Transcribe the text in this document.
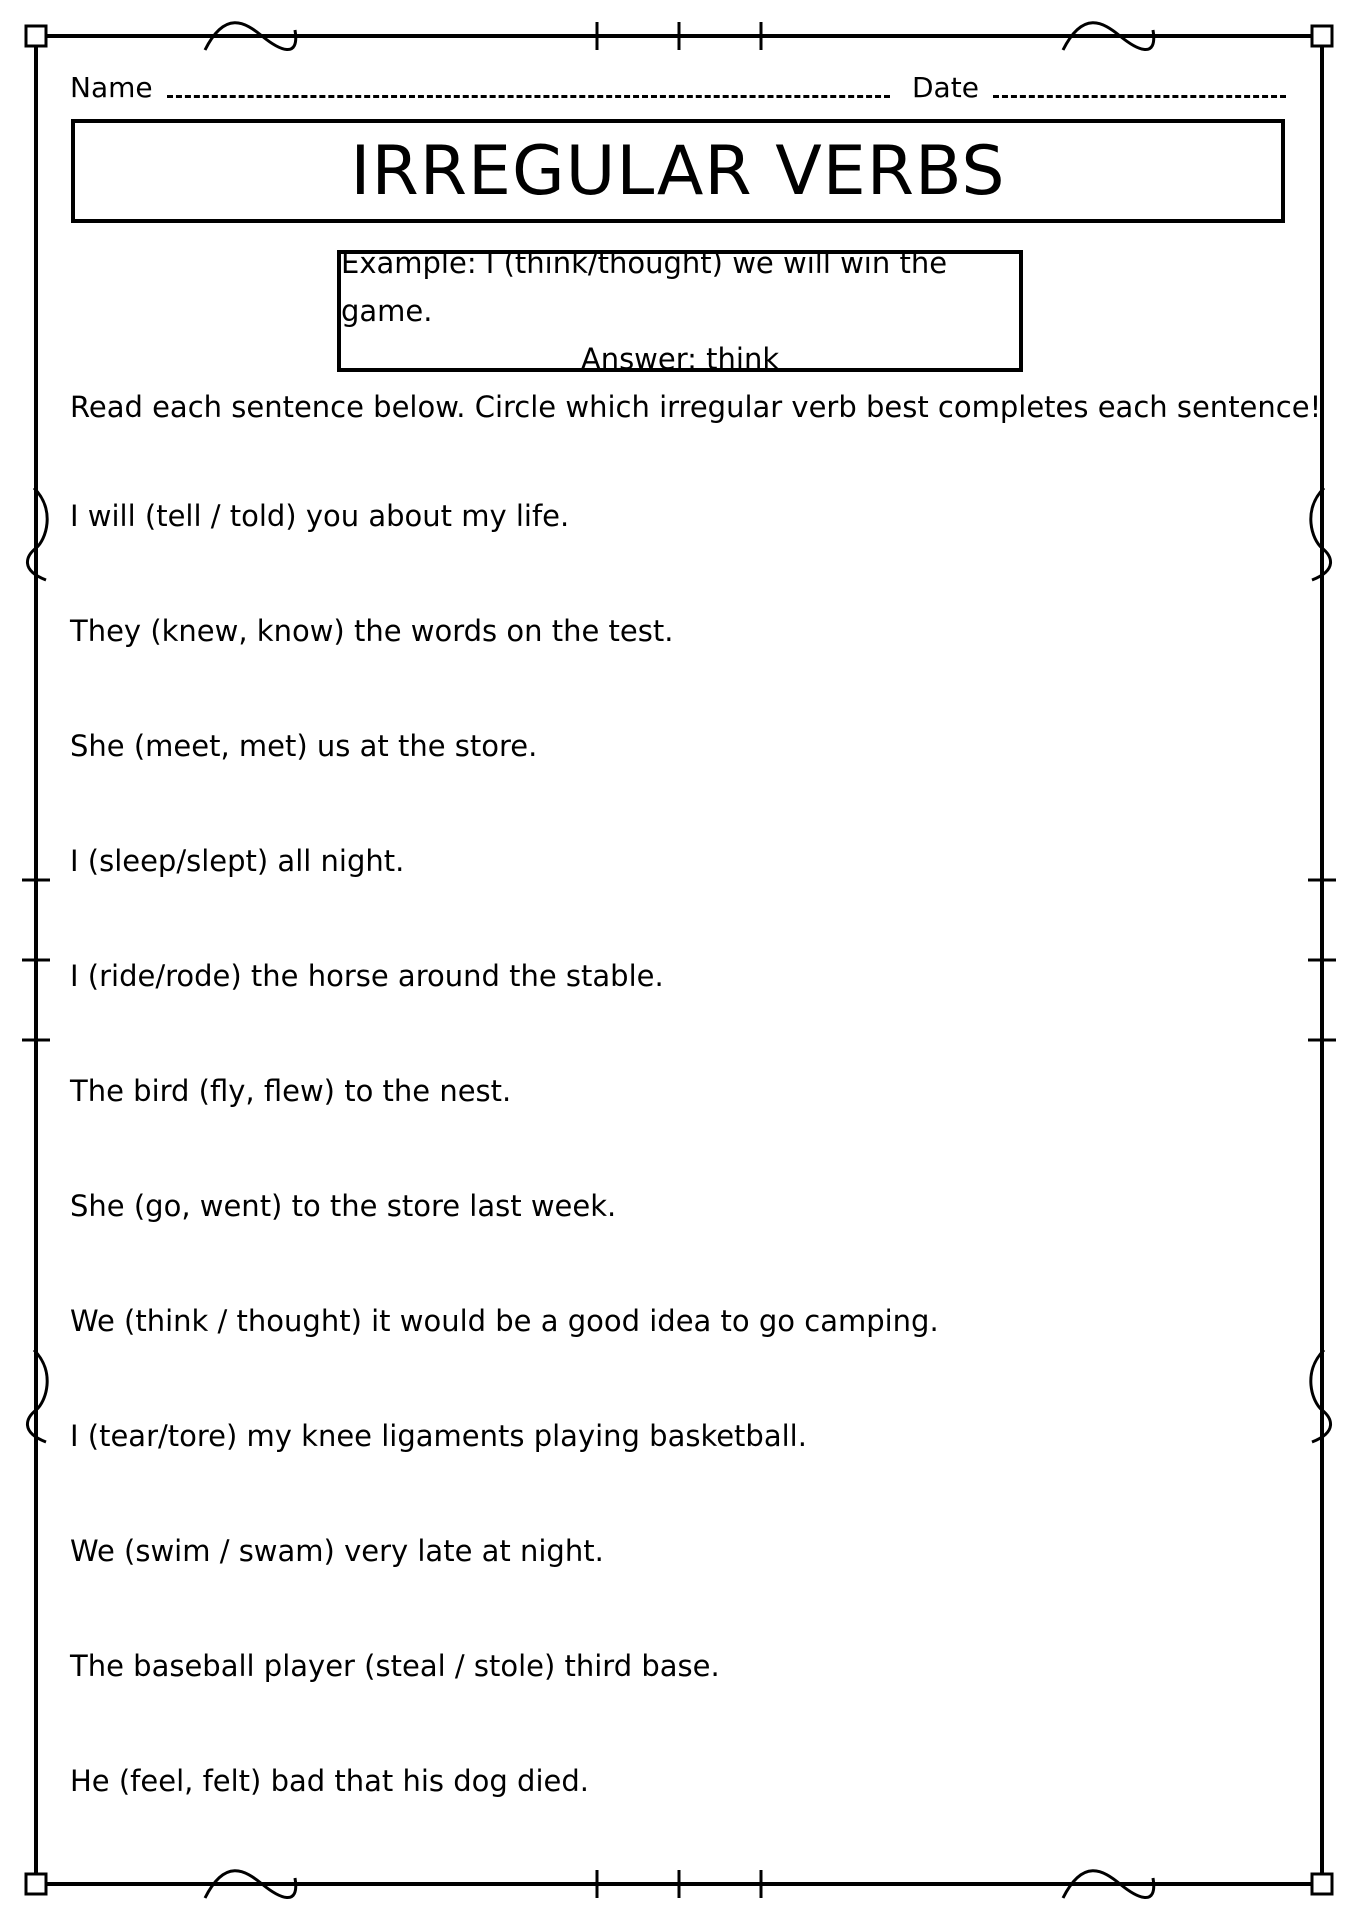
Name	Date
IRREGULAR VERBS
Example: I (think/thought) we will win the game.
Answer: think
Read each sentence below. Circle which irregular verb best completes each sentence!
I will (tell / told) you about my life.
They (knew, know) the words on the test.
She (meet, met) us at the store.
I (sleep/slept) all night.
I (ride/rode) the horse around the stable.
The bird (fly, flew) to the nest.
She (go, went) to the store last week.
We (think / thought) it would be a good idea to go camping.
I (tear/tore) my knee ligaments playing basketball.
We (swim / swam) very late at night.
The baseball player (steal / stole) third base.
He (feel, felt) bad that his dog died.
